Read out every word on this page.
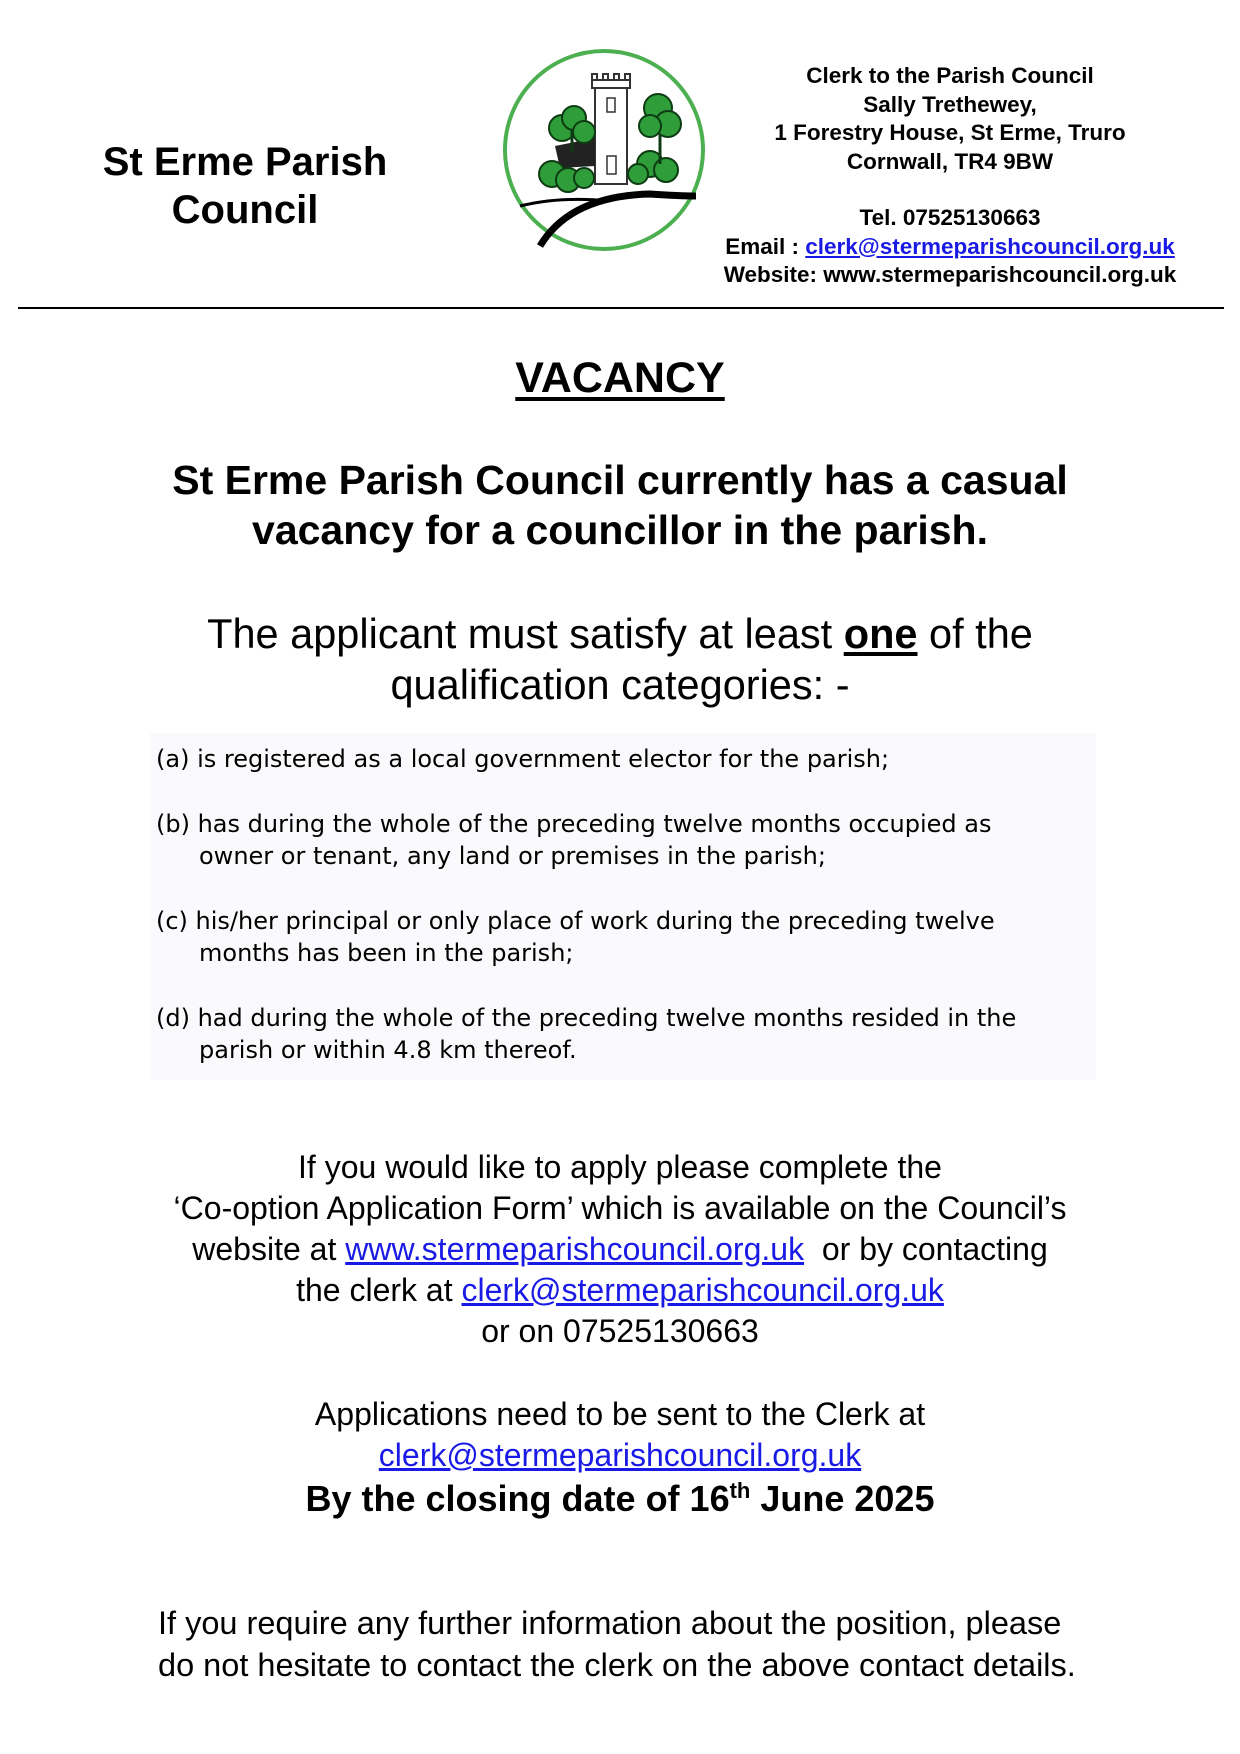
St Erme Parish
Council
Clerk to the Parish Council
Sally Trethewey,
1 Forestry House, St Erme, Truro
Cornwall, TR4 9BW
Tel. 07525130663
Email : clerk@stermeparishcouncil.org.uk
Website: www.stermeparishcouncil.org.uk
VACANCY
St Erme Parish Council currently has a casual
vacancy for a councillor in the parish.
The applicant must satisfy at least one of the
qualification categories: -
(a) is registered as a local government elector for the parish;
(b) has during the whole of the preceding twelve months occupied as
owner or tenant, any land or premises in the parish;
(c) his/her principal or only place of work during the preceding twelve
months has been in the parish;
(d) had during the whole of the preceding twelve months resided in the
parish or within 4.8 km thereof.
If you would like to apply please complete the
‘Co-option Application Form’ which is available on the Council’s
website at www.stermeparishcouncil.org.uk  or by contacting
the clerk at clerk@stermeparishcouncil.org.uk
or on 07525130663
Applications need to be sent to the Clerk at
clerk@stermeparishcouncil.org.uk
By the closing date of 16th June 2025
If you require any further information about the position, please
do not hesitate to contact the clerk on the above contact details.
